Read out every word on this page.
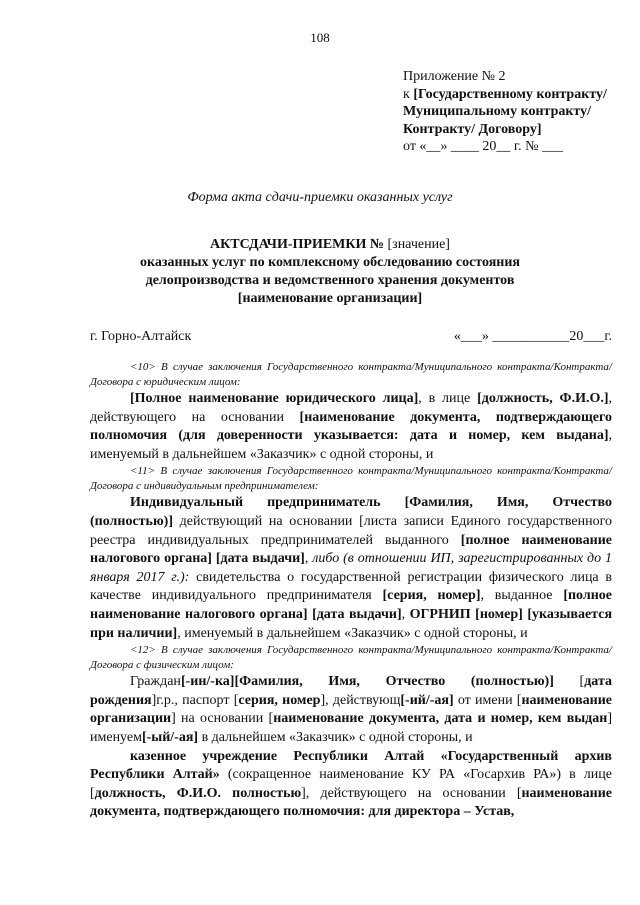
108
Приложение № 2
к [Государственному контракту/Муниципальному контракту/Контракту/ Договору]
от «__» ____ 20__ г. № ___
Форма акта сдачи-приемки оказанных услуг
АКТСДАЧИ-ПРИЕМКИ № [значение]
оказанных услуг по комплексному обследованию состояния
делопроизводства и ведомственного хранения документов
[наименование организации]
г. Горно-Алтайск	«___» ___________20___г.

<10> В случае заключения Государственного контракта/Муниципального контракта/Контракта/Договора с юридическим лицом:

[Полное наименование юридического лица], в лице [должность, Ф.И.О.], действующего на основании [наименование документа, подтверждающего полномочия (для доверенности указывается: дата и номер, кем выдана], именуемый в дальнейшем «Заказчик» с одной стороны, и

<11> В случае заключения Государственного контракта/Муниципального контракта/Контракта/Договора с индивидуальным предпринимателем:

Индивидуальный предприниматель [Фамилия, Имя, Отчество (полностью)] действующий на основании [листа записи Единого государственного реестра индивидуальных предпринимателей выданного [полное наименование налогового органа] [дата выдачи], либо (в отношении ИП, зарегистрированных до 1 января 2017 г.): свидетельства о государственной регистрации физического лица в качестве индивидуального предпринимателя [серия, номер], выданное [полное наименование налогового органа] [дата выдачи], ОГРНИП [номер] [указывается при наличии], именуемый в дальнейшем «Заказчик» с одной стороны, и

<12> В случае заключения Государственного контракта/Муниципального контракта/Контракта/Договора с физическим лицом:

Граждан[-ин/-ка][Фамилия, Имя, Отчество (полностью)] [дата рождения]г.р., паспорт [серия, номер], действующ[-ий/-ая] от имени [наименование организации] на основании [наименование документа, дата и номер, кем выдан] именуем[-ый/-ая] в дальнейшем «Заказчик» с одной стороны, и

казенное учреждение Республики Алтай «Государственный архив Республики Алтай» (сокращенное наименование КУ РА «Госархив РА») в лице [должность, Ф.И.О. полностью], действующего на основании [наименование документа, подтверждающего полномочия: для директора – Устав,
